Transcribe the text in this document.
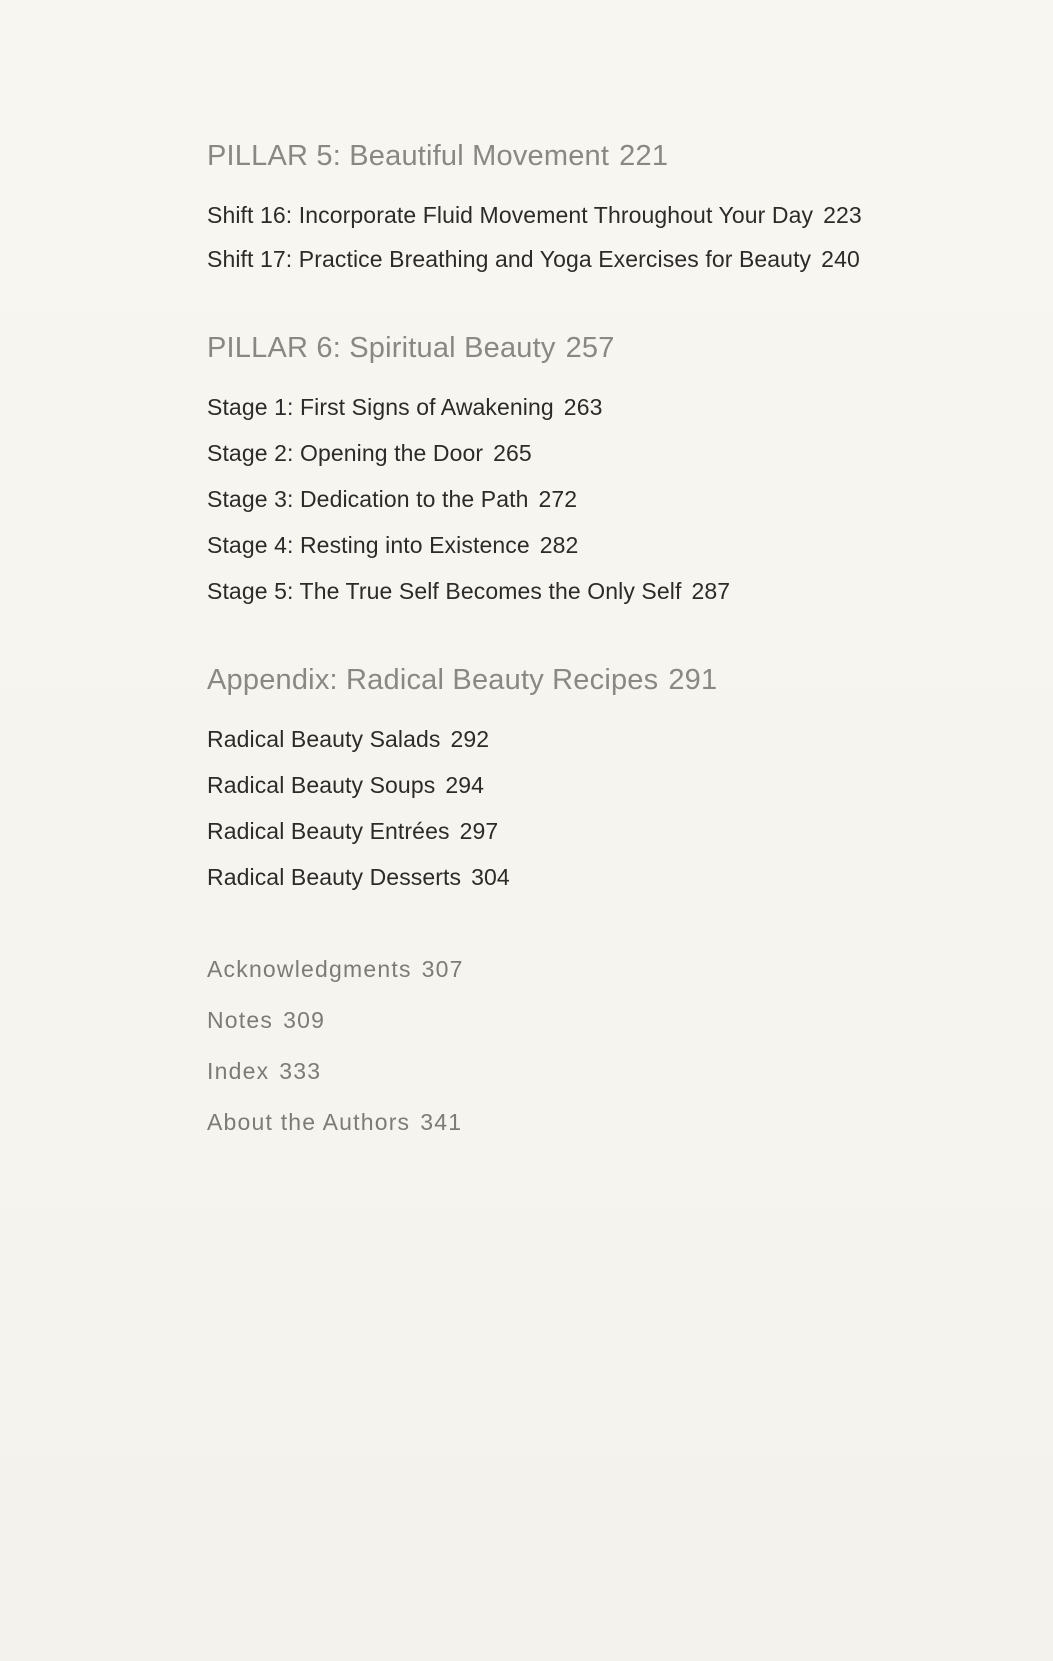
PILLAR 5: Beautiful Movement 221
Shift 16: Incorporate Fluid Movement Throughout Your Day 223
Shift 17: Practice Breathing and Yoga Exercises for Beauty 240
PILLAR 6: Spiritual Beauty 257
Stage 1: First Signs of Awakening 263
Stage 2: Opening the Door 265
Stage 3: Dedication to the Path 272
Stage 4: Resting into Existence 282
Stage 5: The True Self Becomes the Only Self 287
Appendix: Radical Beauty Recipes 291
Radical Beauty Salads 292
Radical Beauty Soups 294
Radical Beauty Entrées 297
Radical Beauty Desserts 304
Acknowledgments 307
Notes 309
Index 333
About the Authors 341
